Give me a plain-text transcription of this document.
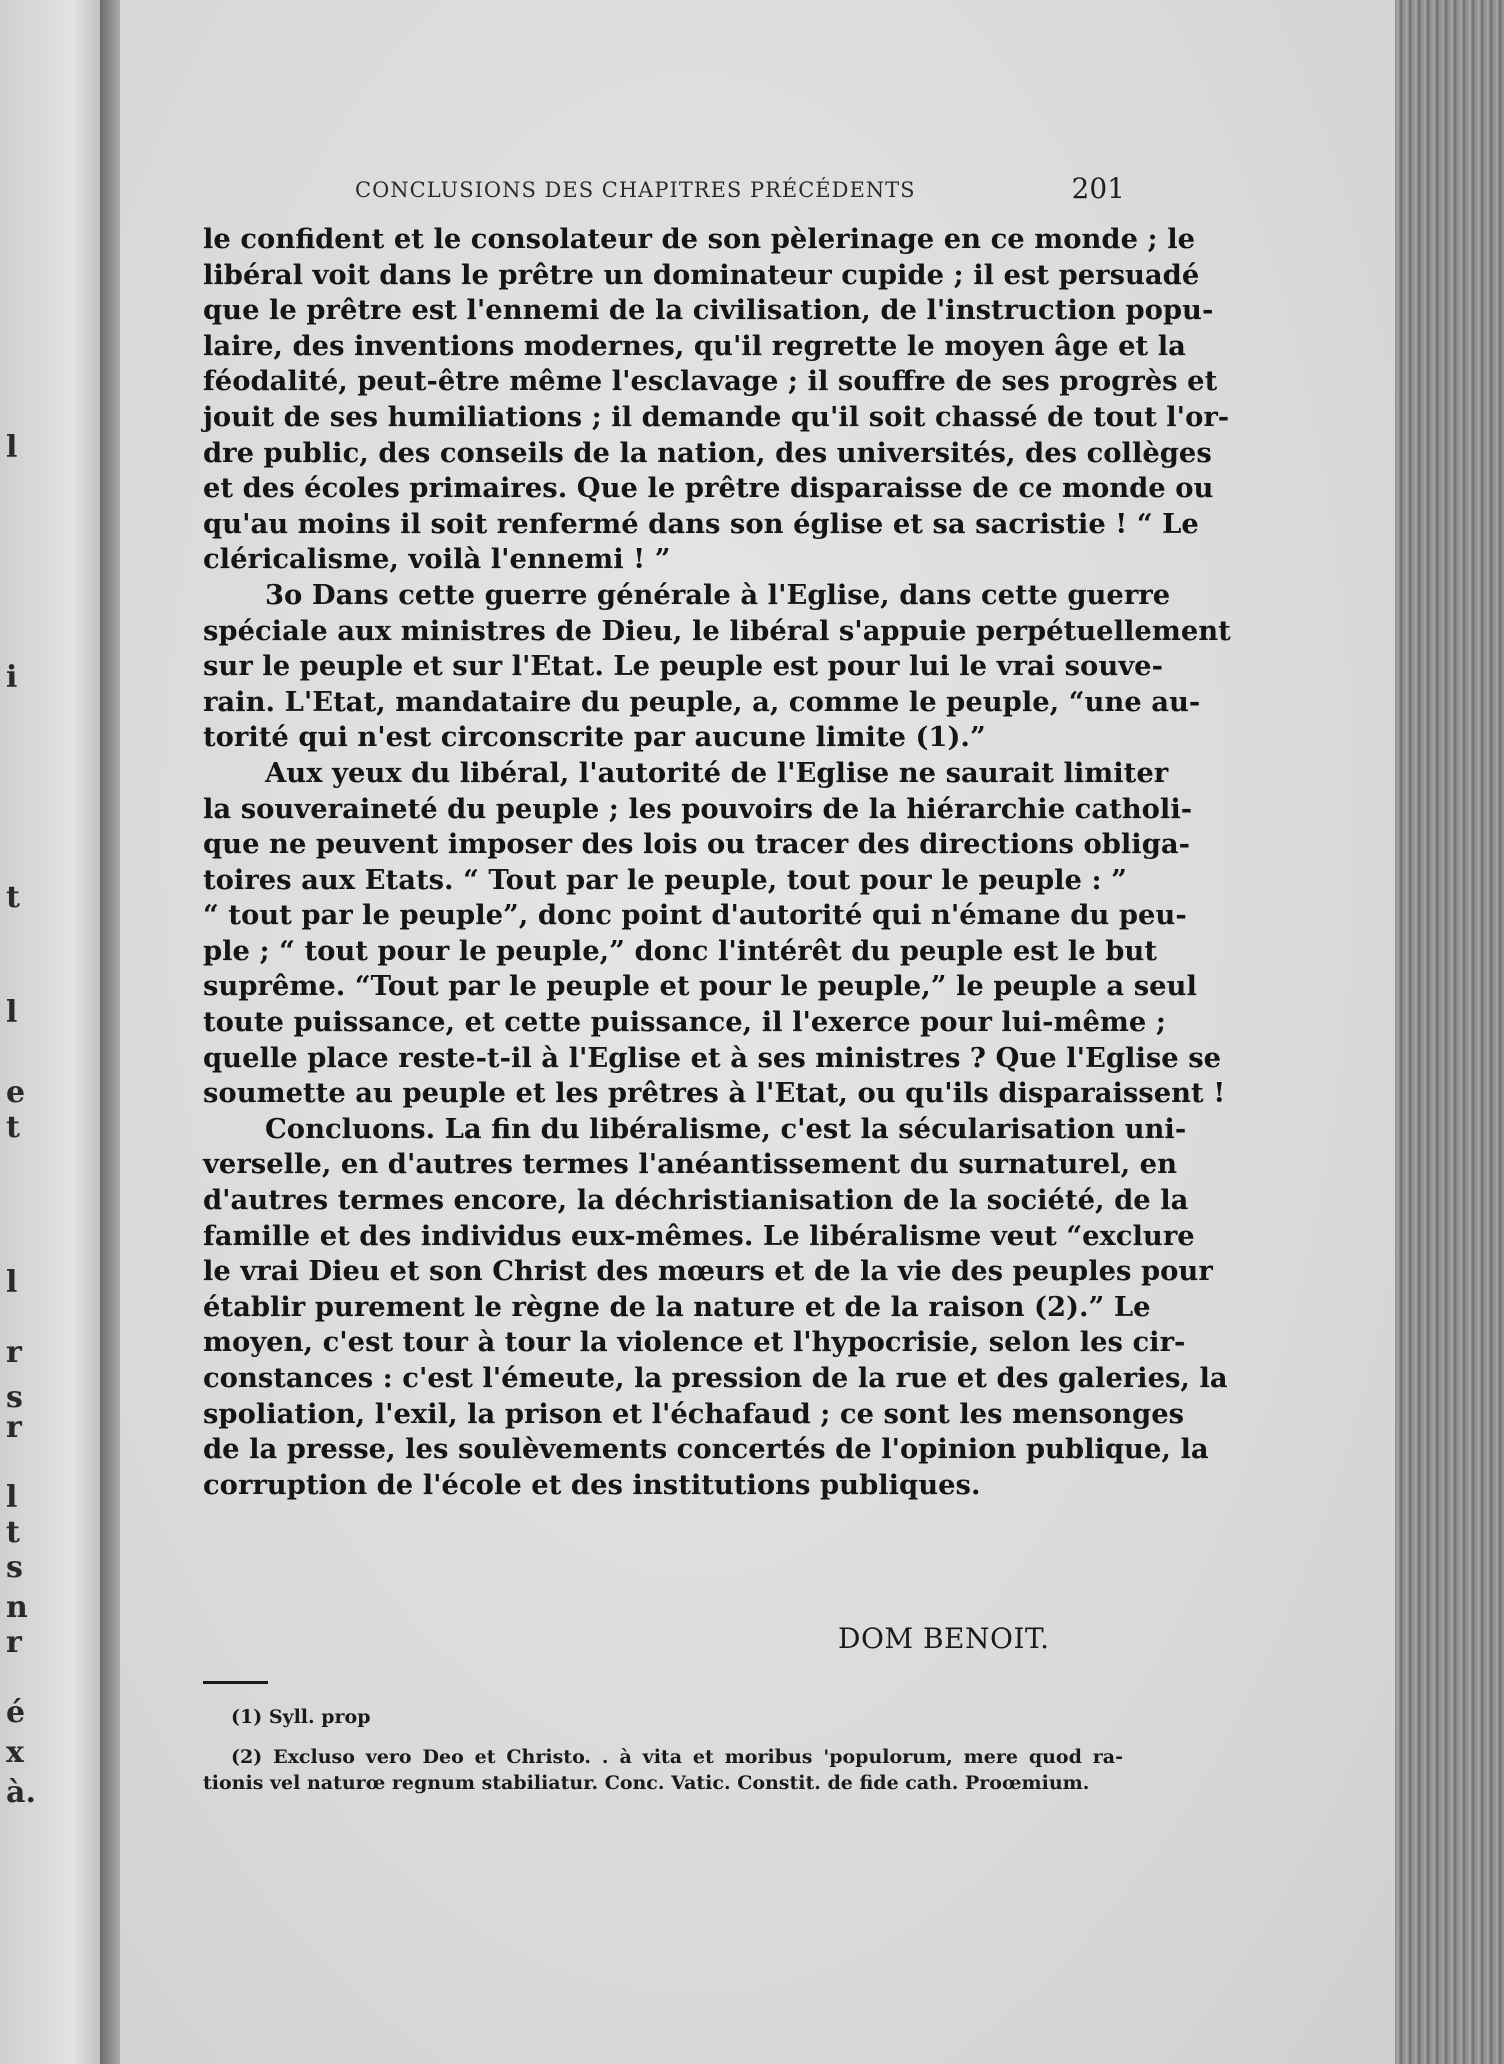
l
i
t
l
e
t
l
r
s
r
l
t
s
n
r
é
x
à.
CONCLUSIONS DES CHAPITRES PRÉCÉDENTS	201
le confident et le consolateur de son pèlerinage en ce monde ; le
libéral voit dans le prêtre un dominateur cupide ; il est persuadé
que le prêtre est l'ennemi de la civilisation, de l'instruction popu-
laire, des inventions modernes, qu'il regrette le moyen âge et la
féodalité, peut-être même l'esclavage ; il souffre de ses progrès et
jouit de ses humiliations ; il demande qu'il soit chassé de tout l'or-
dre public, des conseils de la nation, des universités, des collèges
et des écoles primaires. Que le prêtre disparaisse de ce monde ou
qu'au moins il soit renfermé dans son église et sa sacristie ! “ Le
cléricalisme, voilà l'ennemi ! ”
3o Dans cette guerre générale à l'Eglise, dans cette guerre
spéciale aux ministres de Dieu, le libéral s'appuie perpétuellement
sur le peuple et sur l'Etat. Le peuple est pour lui le vrai souve-
rain. L'Etat, mandataire du peuple, a, comme le peuple, “une au-
torité qui n'est circonscrite par aucune limite (1).”
Aux yeux du libéral, l'autorité de l'Eglise ne saurait limiter
la souveraineté du peuple ; les pouvoirs de la hiérarchie catholi-
que ne peuvent imposer des lois ou tracer des directions obliga-
toires aux Etats. “ Tout par le peuple, tout pour le peuple : ”
“ tout par le peuple”, donc point d'autorité qui n'émane du peu-
ple ; “ tout pour le peuple,” donc l'intérêt du peuple est le but
suprême. “Tout par le peuple et pour le peuple,” le peuple a seul
toute puissance, et cette puissance, il l'exerce pour lui-même ;
quelle place reste-t-il à l'Eglise et à ses ministres ? Que l'Eglise se
soumette au peuple et les prêtres à l'Etat, ou qu'ils disparaissent !
Concluons. La fin du libéralisme, c'est la sécularisation uni-
verselle, en d'autres termes l'anéantissement du surnaturel, en
d'autres termes encore, la déchristianisation de la société, de la
famille et des individus eux-mêmes. Le libéralisme veut “exclure
le vrai Dieu et son Christ des mœurs et de la vie des peuples pour
établir purement le règne de la nature et de la raison (2).” Le
moyen, c'est tour à tour la violence et l'hypocrisie, selon les cir-
constances : c'est l'émeute, la pression de la rue et des galeries, la
spoliation, l'exil, la prison et l'échafaud ; ce sont les mensonges
de la presse, les soulèvements concertés de l'opinion publique, la
corruption de l'école et des institutions publiques.
DOM BENOIT.
(1) Syll. prop
(2) Excluso vero Deo et Christo. . à vita et moribus 'populorum, mere quod ra-
tionis vel naturœ regnum stabiliatur. Conc. Vatic. Constit. de fide cath. Proœmium.
